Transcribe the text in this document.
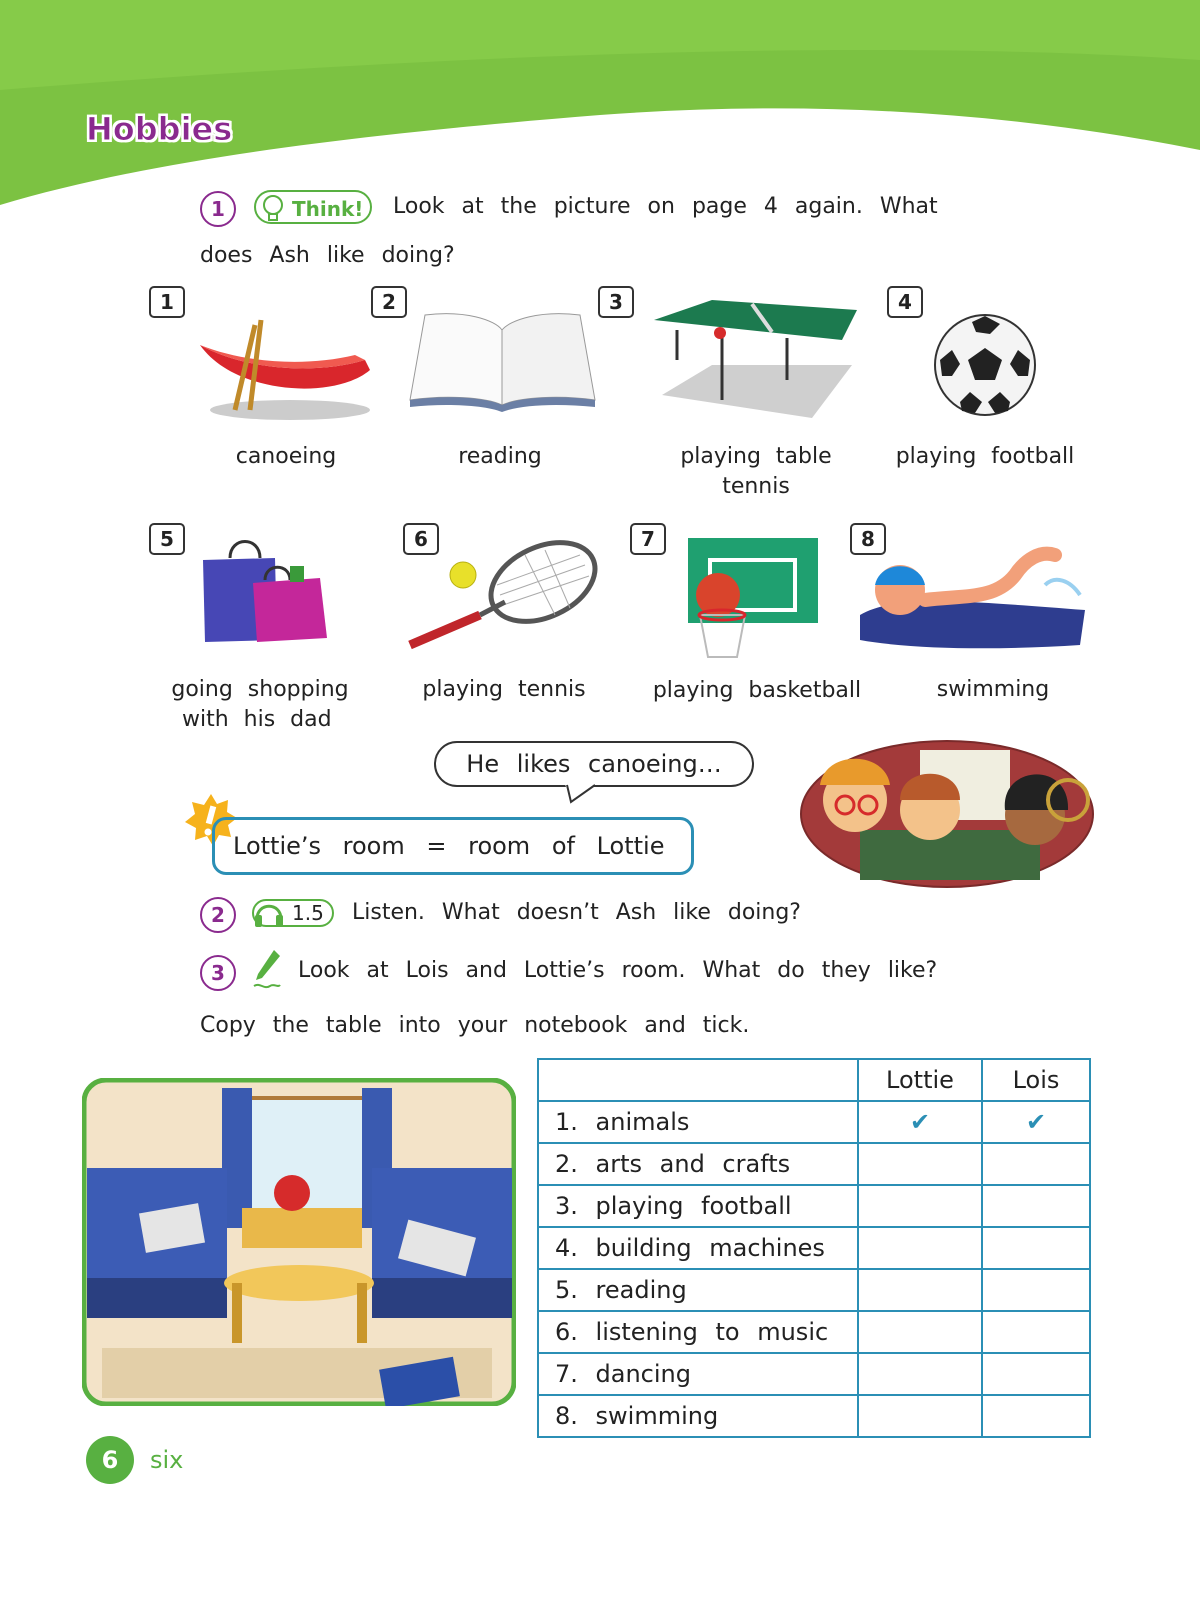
Hobbies
1	Think!	Look at the picture on page 4 again. What
does Ash like doing?
1
canoeing
2
reading
3
playing table
tennis
4
playing football
5
going shopping
with his dad
6
playing tennis
7
playing basketball
8
swimming
He likes canoeing…
Lottie’s room = room of Lottie
2	1.5 Listen. What doesn’t Ash like doing?
3	Look at Lois and Lottie’s room. What do they like?
Copy the table into your notebook and tick.
	Lottie	Lois
1. animals	✔	✔
2. arts and crafts		
3. playing football		
4. building machines		
5. reading		
6. listening to music		
7. dancing		
8. swimming		
6	six
